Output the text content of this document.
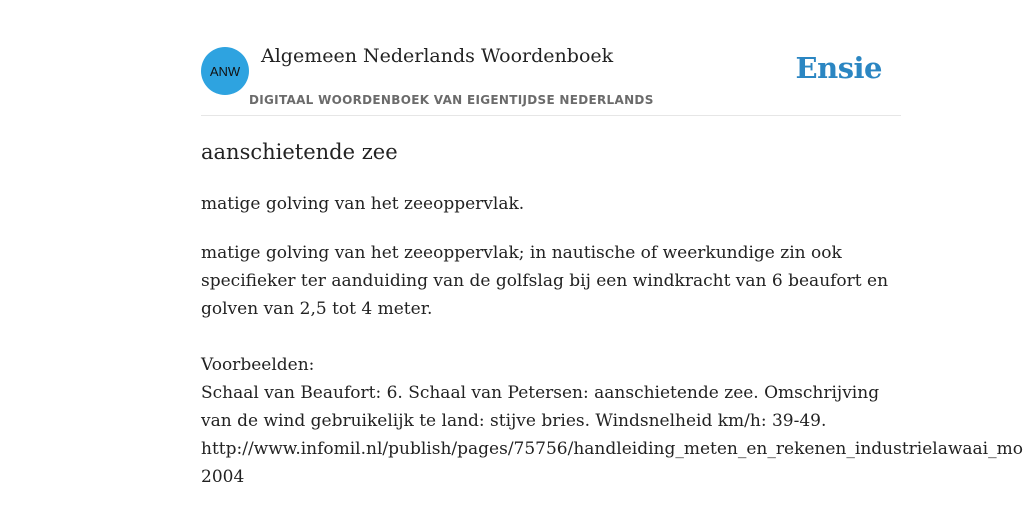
ANW
Algemeen Nederlands Woordenboek
DIGITAAL WOORDENBOEK VAN EIGENTIJDSE NEDERLANDS
Ensie
aanschietende zee

matige golving van het zeeoppervlak.

matige golving van het zeeoppervlak; in nautische of weerkundige zin ook
specifieker ter aanduiding van de golfslag bij een windkracht van 6 beaufort en
golven van 2,5 tot 4 meter.
Voorbeelden:
Schaal van Beaufort: 6. Schaal van Petersen: aanschietende zee. Omschrijving
van de wind gebruikelijk te land: stijve bries. Windsnelheid km/h: 39-49.
http://www.infomil.nl/publish/pages/75756/handleiding_meten_en_rekenen_industrielawaai_mo
2004
